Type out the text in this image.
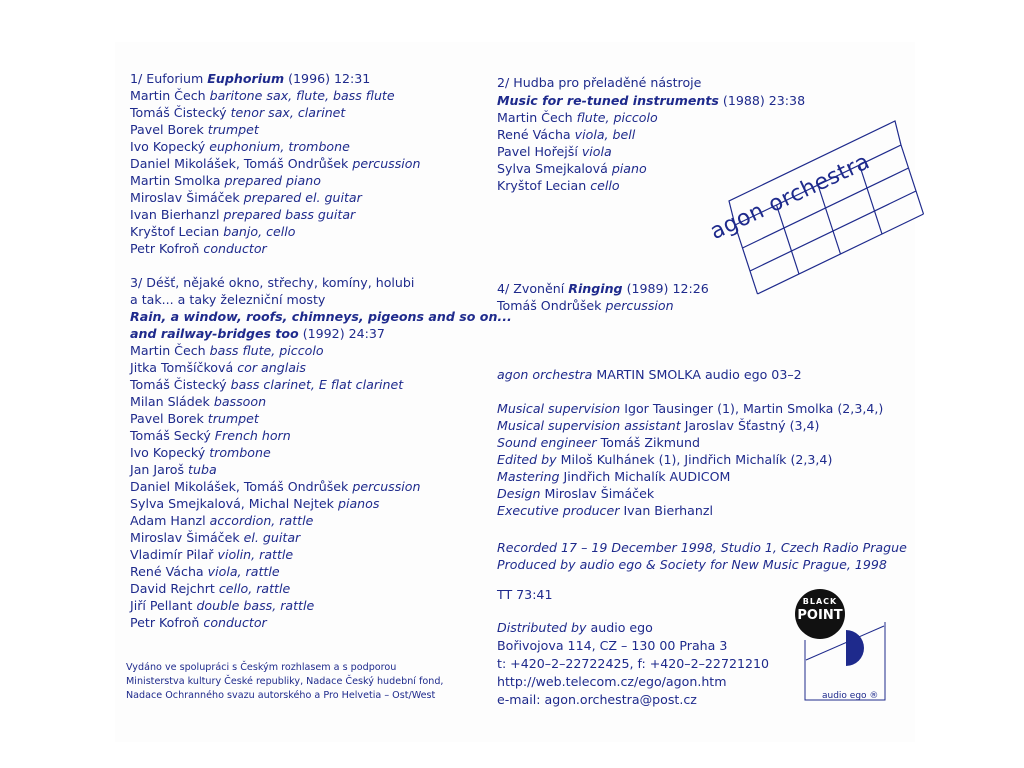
1/ Euforium Euphorium (1996) 12:31
Martin Čech baritone sax, flute, bass flute
Tomáš Čistecký tenor sax, clarinet
Pavel Borek trumpet
Ivo Kopecký euphonium, trombone
Daniel Mikolášek, Tomáš Ondrůšek percussion
Martin Smolka prepared piano
Miroslav Šimáček prepared el. guitar
Ivan Bierhanzl prepared bass guitar
Kryštof Lecian banjo, cello
Petr Kofroň conductor
3/ Déšť, nějaké okno, střechy, komíny, holubi
a tak... a taky železniční mosty
Rain, a window, roofs, chimneys, pigeons and so on...
and railway-bridges too (1992) 24:37
Martin Čech bass flute, piccolo
Jitka Tomšíčková cor anglais
Tomáš Čistecký bass clarinet, E flat clarinet
Milan Sládek bassoon
Pavel Borek trumpet
Tomáš Secký French horn
Ivo Kopecký trombone
Jan Jaroš tuba
Daniel Mikolášek, Tomáš Ondrůšek percussion
Sylva Smejkalová, Michal Nejtek pianos
Adam Hanzl accordion, rattle
Miroslav Šimáček el. guitar
Vladimír Pilař violin, rattle
René Vácha viola, rattle
David Rejchrt cello, rattle
Jiří Pellant double bass, rattle
Petr Kofroň conductor
Vydáno ve spolupráci s Českým rozhlasem a s podporou
Ministerstva kultury České republiky, Nadace Český hudební fond,
Nadace Ochranného svazu autorského a Pro Helvetia – Ost/West
2/ Hudba pro přeladěné nástroje
Music for re-tuned instruments (1988) 23:38
Martin Čech flute, piccolo
René Vácha viola, bell
Pavel Hořejší viola
Sylva Smejkalová piano
Kryštof Lecian cello	agon orchestra
4/ Zvonění Ringing (1989) 12:26
Tomáš Ondrůšek percussion
agon orchestra MARTIN SMOLKA audio ego 03–2
Musical supervision Igor Tausinger (1), Martin Smolka (2,3,4,)
Musical supervision assistant Jaroslav Šťastný (3,4)
Sound engineer Tomáš Zikmund
Edited by Miloš Kulhánek (1), Jindřich Michalík (2,3,4)
Mastering Jindřich Michalík AUDICOM
Design Miroslav Šimáček
Executive producer Ivan Bierhanzl
Recorded 17 – 19 December 1998, Studio 1, Czech Radio Prague
Produced by audio ego & Society for New Music Prague, 1998
TT 73:41
Distributed by audio ego
Bořivojova 114, CZ – 130 00 Praha 3
t: +420–2–22722425, f: +420–2–22721210
http://web.telecom.cz/ego/agon.htm
e-mail: agon.orchestra@post.cz
BLACK
POINT
audio ego ®
